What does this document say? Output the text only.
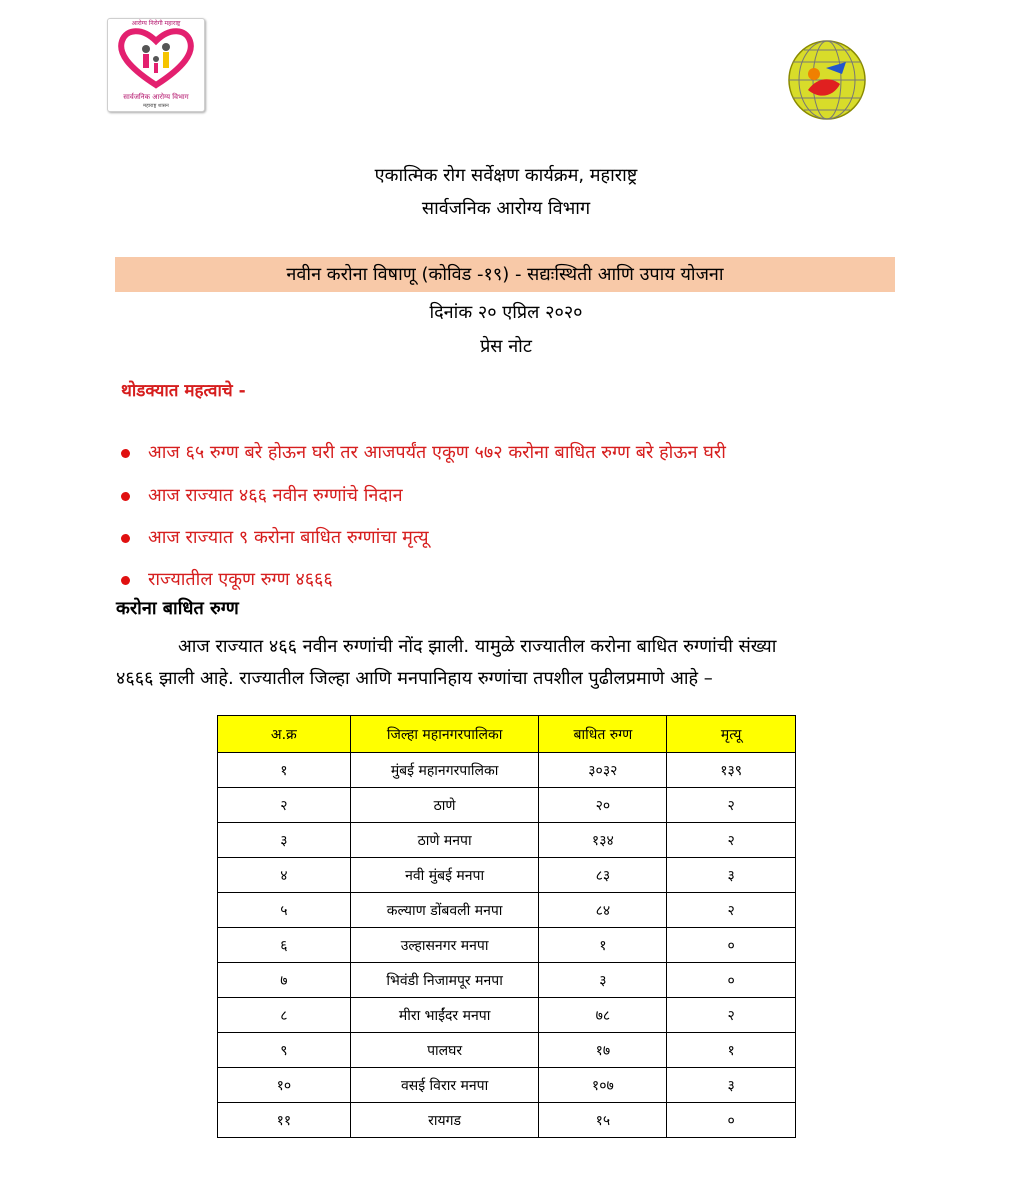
आरोग्य निरोगी महाराष्ट्र
सार्वजनिक आरोग्य विभाग
महाराष्ट्र शासन
एकात्मिक रोग सर्वेक्षण कार्यक्रम, महाराष्ट्र
सार्वजनिक आरोग्य विभाग
नवीन करोना विषाणू (कोविड -१९) - सद्यःस्थिती आणि उपाय योजना
दिनांक २० एप्रिल २०२०
प्रेस नोट
थोडक्यात महत्वाचे -
आज ६५ रुग्ण बरे होऊन घरी तर आजपर्यंत एकूण ५७२ करोना बाधित रुग्ण बरे होऊन घरी
आज राज्यात ४६६ नवीन रुग्णांचे निदान
आज राज्यात ९ करोना बाधित रुग्णांचा मृत्यू
राज्यातील एकूण रुग्ण ४६६६
करोना बाधित रुग्ण
आज राज्यात ४६६ नवीन रुग्णांची नोंद झाली. यामुळे राज्यातील करोना बाधित रुग्णांची संख्या
४६६६ झाली आहे. राज्यातील जिल्हा आणि मनपानिहाय रुग्णांचा तपशील पुढीलप्रमाणे आहे –
अ.क्र	जिल्हा महानगरपालिका	बाधित रुग्ण	मृत्यू
१	मुंबई महानगरपालिका	३०३२	१३९
२	ठाणे	२०	२
३	ठाणे मनपा	१३४	२
४	नवी मुंबई मनपा	८३	३
५	कल्याण डोंबवली मनपा	८४	२
६	उल्हासनगर मनपा	१	०
७	भिवंडी निजामपूर मनपा	३	०
८	मीरा भाईंदर मनपा	७८	२
९	पालघर	१७	१
१०	वसई विरार मनपा	१०७	३
११	रायगड	१५	०
